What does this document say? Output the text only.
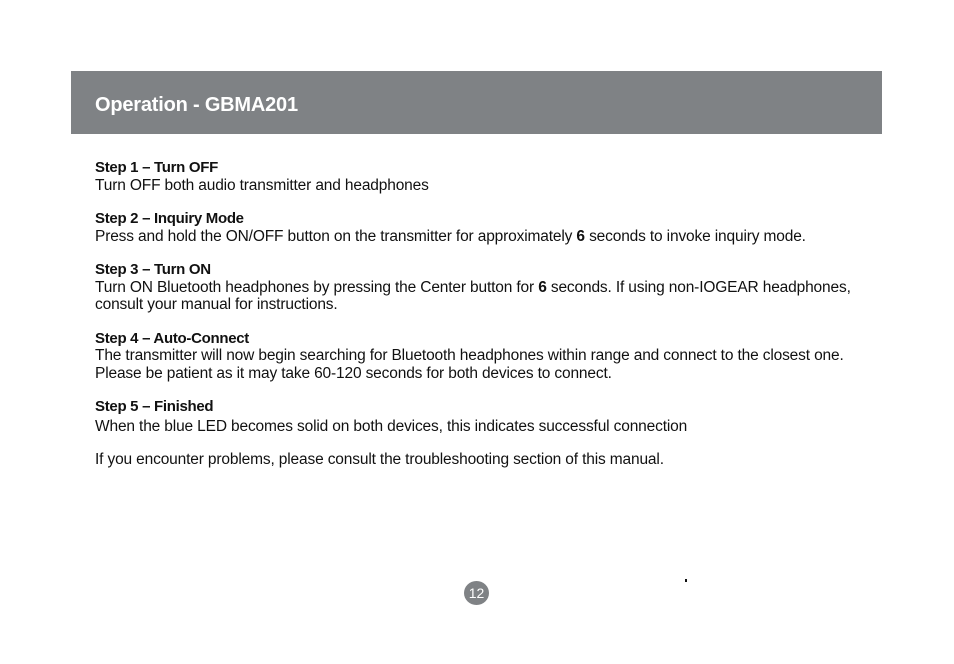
Operation - GBMA201
Step 1 – Turn OFF
Turn OFF both audio transmitter and headphones
Step 2 – Inquiry Mode
Press and hold the ON/OFF button on the transmitter for approximately 6 seconds to invoke inquiry mode.
Step 3 – Turn ON
Turn ON Bluetooth headphones by pressing the Center button for 6 seconds. If using non-IOGEAR headphones, consult your manual for instructions.
Step 4 – Auto-Connect
The transmitter will now begin searching for Bluetooth headphones within range and connect to the closest one. Please be patient as it may take 60-120 seconds for both devices to connect.
Step 5 – Finished
When the blue LED becomes solid on both devices, this indicates successful connection

If you encounter problems, please consult the troubleshooting section of this manual.

12
